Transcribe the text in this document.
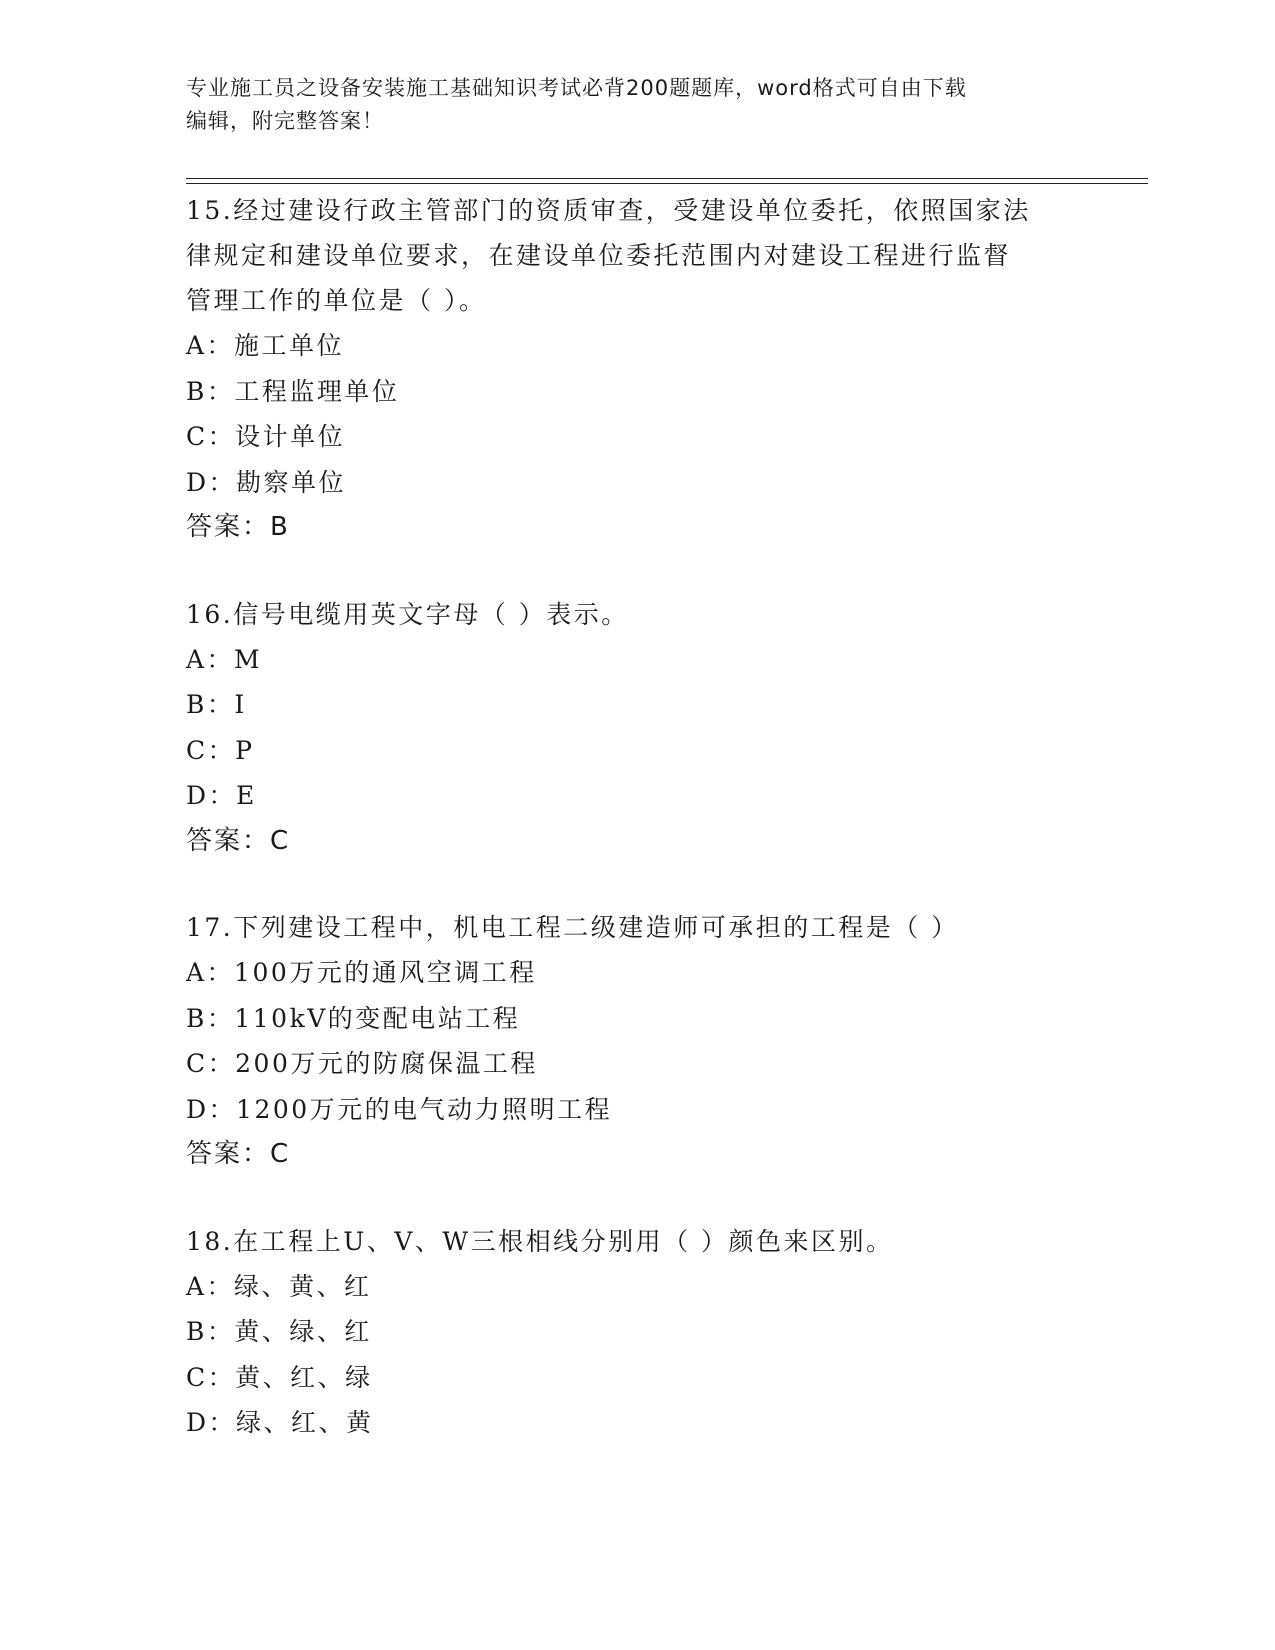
专业施工员之设备安装施工基础知识考试必背200题题库，word格式可自由下载

编辑，附完整答案！

15.经过建设行政主管部门的资质审查，受建设单位委托，依照国家法
律规定和建设单位要求，在建设单位委托范围内对建设工程进行监督
管理工作的单位是（ ）。
A：施工单位
B：工程监理单位
C：设计单位
D：勘察单位
答案：B
16.信号电缆用英文字母（ ）表示。
A：M
B：I
C：P
D：E
答案：C
17.下列建设工程中，机电工程二级建造师可承担的工程是（ ）
A：100万元的通风空调工程
B：110kV的变配电站工程
C：200万元的防腐保温工程
D：1200万元的电气动力照明工程
答案：C
18.在工程上U、V、W三根相线分别用（ ）颜色来区别。
A：绿、黄、红
B：黄、绿、红
C：黄、红、绿
D：绿、红、黄
